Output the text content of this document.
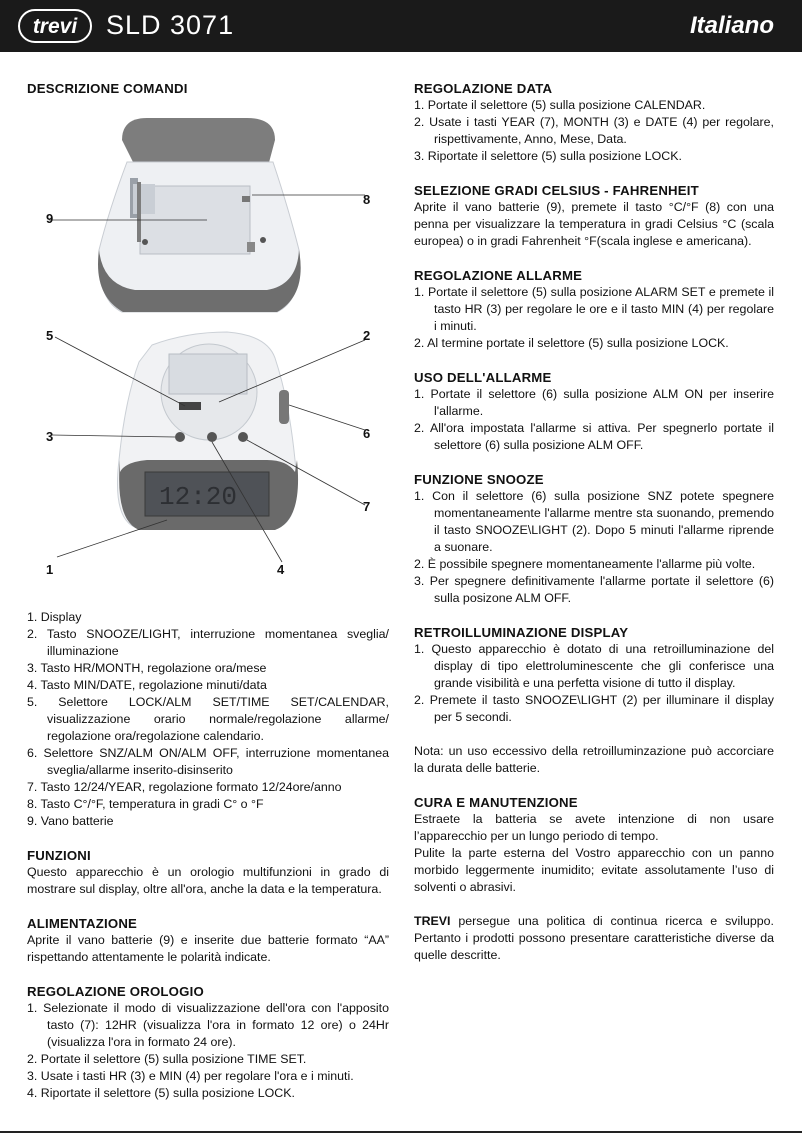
trevi	SLD 3071	Italiano
DESCRIZIONE COMANDI
12:20
9
8
5	2
3	6
7
1	4
1. Display
2. Tasto SNOOZE/LIGHT, interruzione momentanea sveglia/ illuminazione
3. Tasto HR/MONTH, regolazione ora/mese
4. Tasto MIN/DATE, regolazione minuti/data
5. Selettore LOCK/ALM SET/TIME SET/CALENDAR, visualizzazione orario normale/regolazione allarme/ regolazione ora/regolazione calendario.
6. Selettore SNZ/ALM ON/ALM OFF, interruzione momentanea sveglia/allarme inserito-disinserito
7. Tasto 12/24/YEAR, regolazione formato 12/24ore/anno
8. Tasto C°/°F, temperatura in gradi C° o °F
9. Vano batterie
FUNZIONI

Questo apparecchio è un orologio multifunzioni in grado di mostrare sul display, oltre all'ora, anche la data e la temperatura.

ALIMENTAZIONE

Aprite il vano batterie (9) e inserite due batterie formato “AA” rispettando attentamente le polarità indicate.

REGOLAZIONE OROLOGIO
1. Selezionate il modo di visualizzazione dell'ora con l'apposito tasto (7): 12HR (visualizza l'ora in formato 12 ore) o 24Hr (visualizza l'ora in formato 24 ore).
2. Portate il selettore (5) sulla posizione TIME SET.
3. Usate i tasti HR (3) e MIN (4) per regolare l'ora e i minuti.
4. Riportate il selettore (5) sulla posizione LOCK.
REGOLAZIONE DATA
1. Portate il selettore (5) sulla posizione CALENDAR.
2. Usate i tasti YEAR (7), MONTH (3) e DATE (4) per regolare, rispettivamente, Anno, Mese, Data.
3. Riportate il selettore (5) sulla posizione LOCK.
SELEZIONE GRADI CELSIUS - FAHRENHEIT

Aprite il vano batterie (9), premete il tasto °C/°F (8) con una penna per visualizzare la temperatura in gradi Celsius °C (scala europea) o in gradi Fahrenheit °F(scala inglese e americana).

REGOLAZIONE ALLARME
1. Portate il selettore (5) sulla posizione ALARM SET e premete il tasto HR (3) per regolare le ore e il tasto MIN (4) per regolare i minuti.
2. Al termine portate il selettore (5) sulla posizione LOCK.
USO DELL'ALLARME
1. Portate il selettore (6) sulla posizione ALM ON per inserire l'allarme.
2. All'ora impostata l'allarme si attiva. Per spegnerlo portate il selettore (6) sulla posizione ALM OFF.
FUNZIONE SNOOZE
1. Con il selettore (6) sulla posizione SNZ potete spegnere momentaneamente l'allarme mentre sta suonando, premendo il tasto SNOOZE\LIGHT (2). Dopo 5 minuti l'allarme riprende a suonare.
2. È possibile spegnere momentaneamente l'allarme più volte.
3. Per spegnere definitivamente l'allarme portate il selettore (6) sulla posizone ALM OFF.
RETROILLUMINAZIONE DISPLAY
1. Questo apparecchio è dotato di una retroilluminazione del display di tipo elettroluminescente che gli conferisce una grande visibilità e una perfetta visione di tutto il display.
2. Premete il tasto SNOOZE\LIGHT (2) per illuminare il display per 5 secondi.

Nota: un uso eccessivo della retroilluminzazione può accorciare la durata delle batterie.

CURA E MANUTENZIONE

Estraete la batteria se avete intenzione di non usare l’apparecchio per un lungo periodo di tempo.

Pulite la parte esterna del Vostro apparecchio con un panno morbido leggermente inumidito; evitate assolutamente l’uso di solventi o abrasivi.

TREVI persegue una politica di continua ricerca e sviluppo. Pertanto i prodotti possono presentare caratteristiche diverse da quelle descritte.
